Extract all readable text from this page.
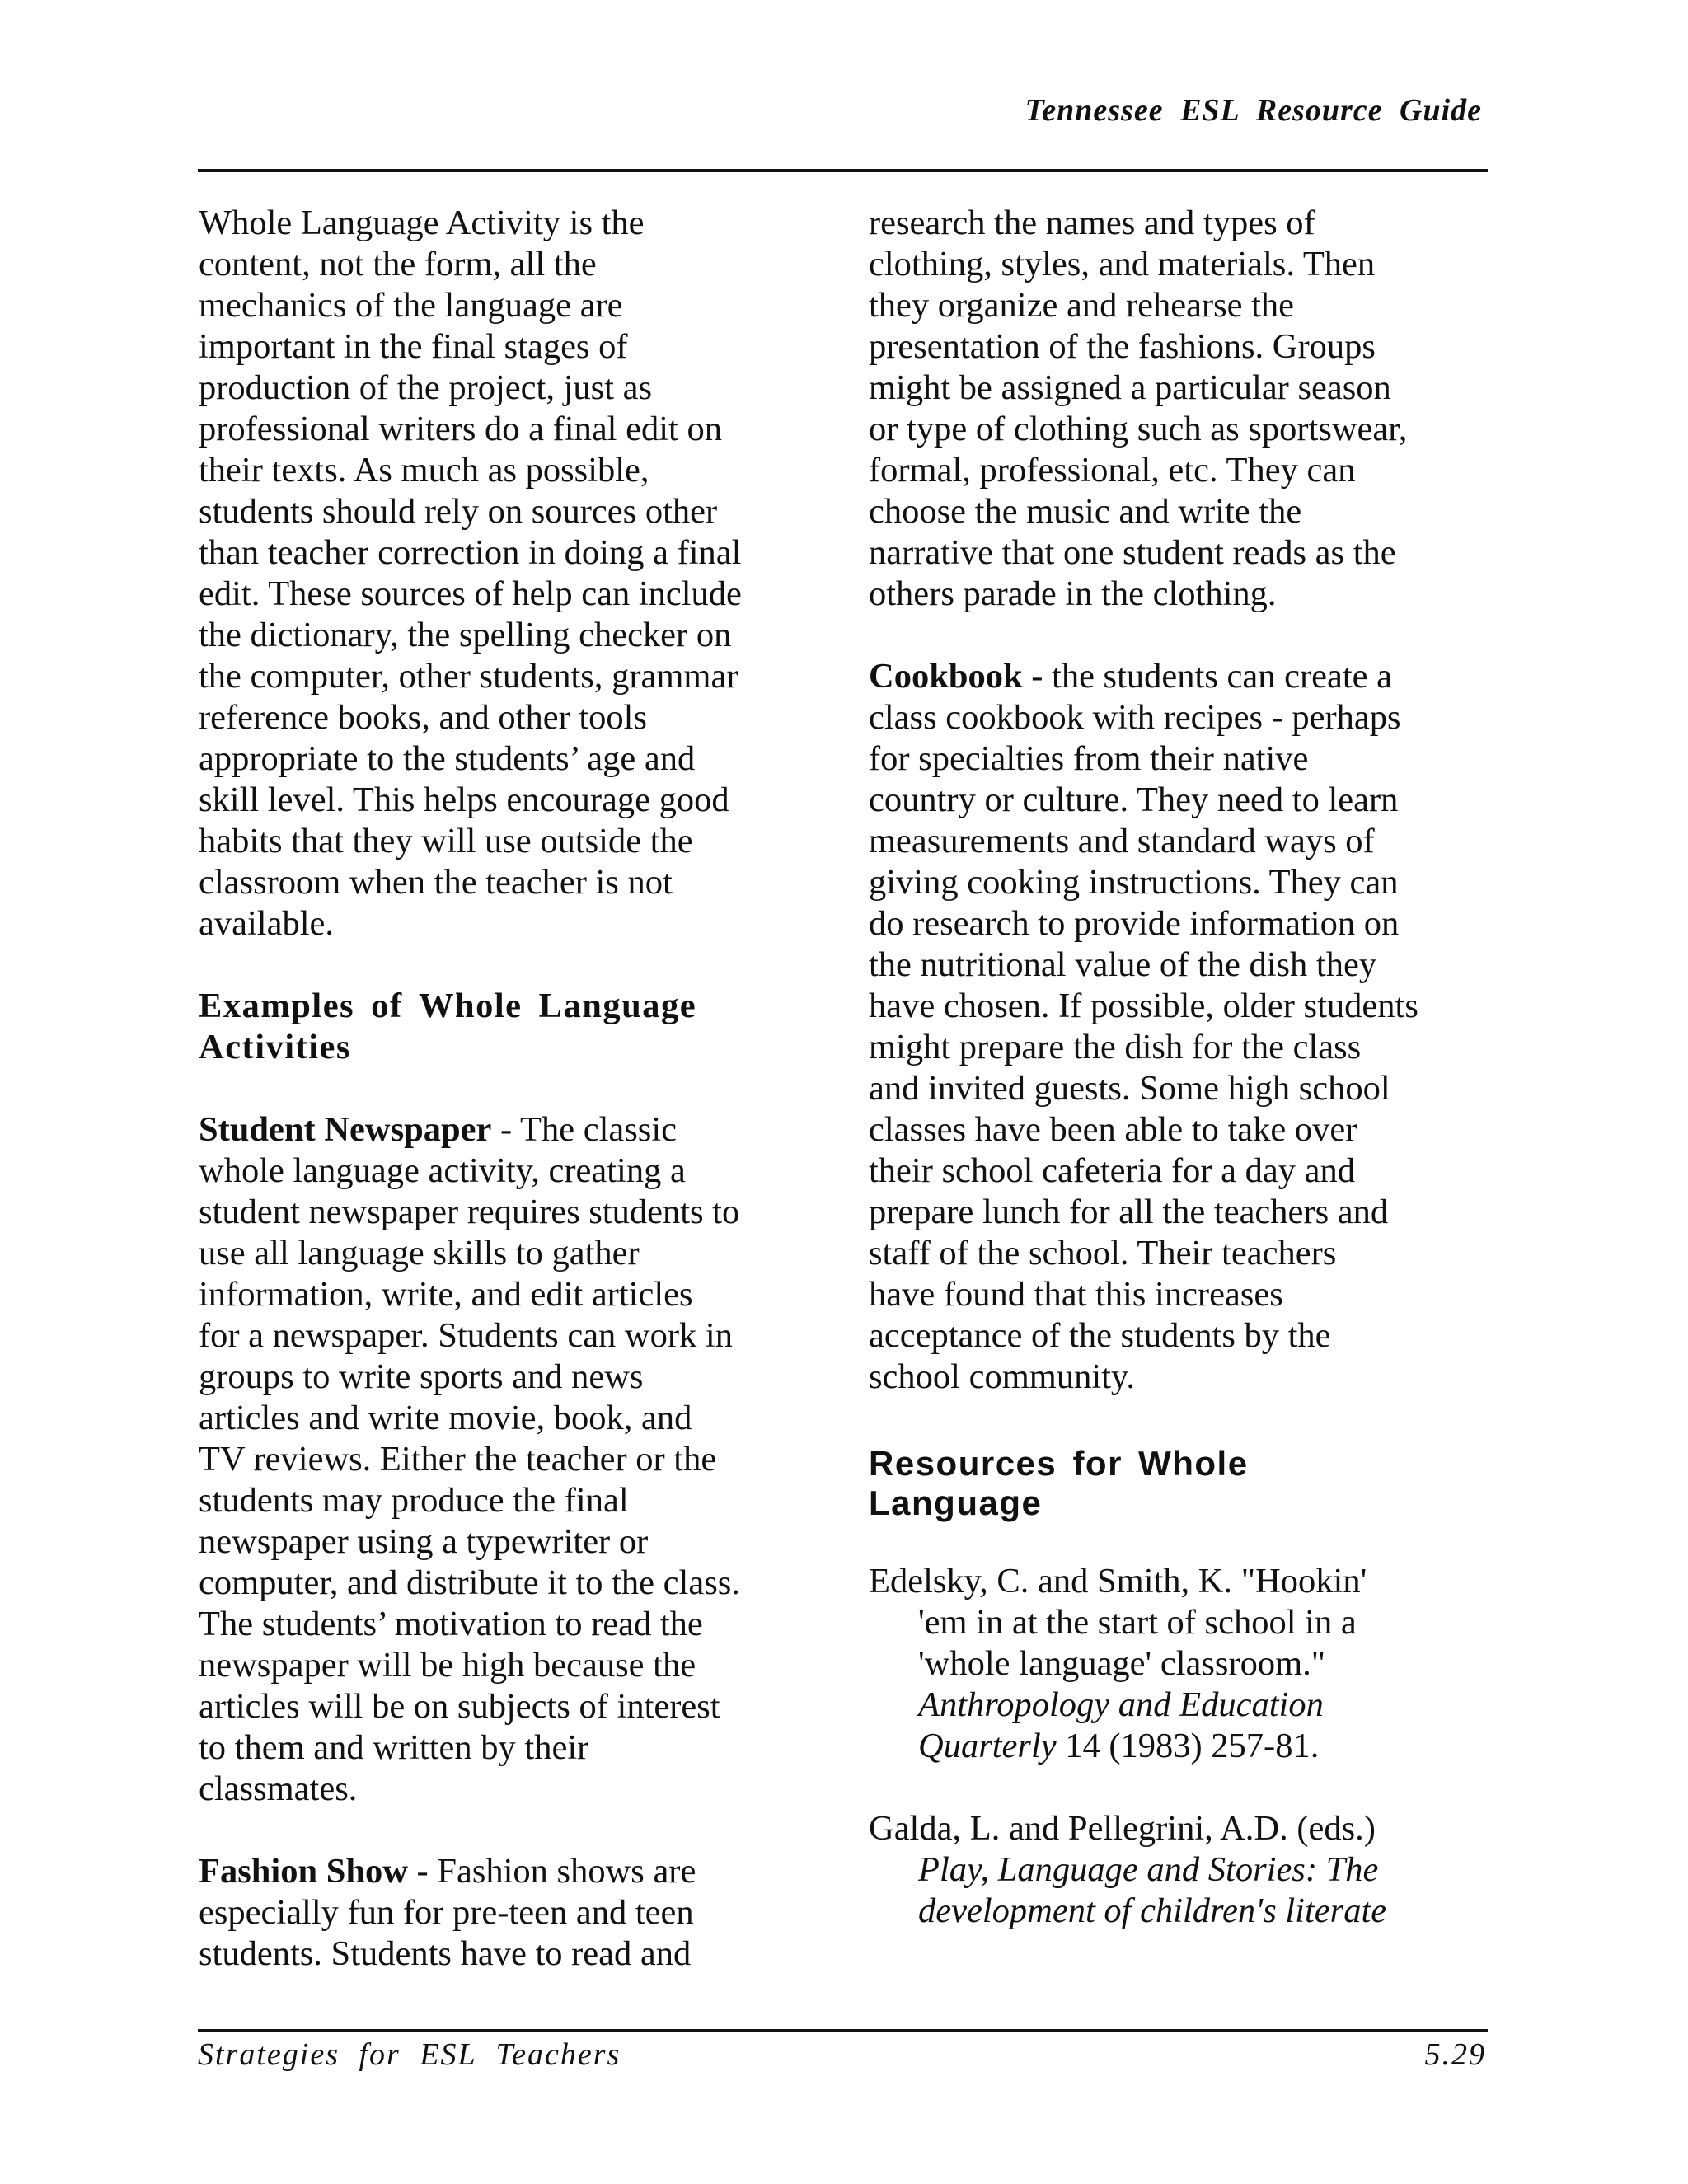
Tennessee ESL Resource Guide
Whole Language Activity is the
content, not the form, all the
mechanics of the language are
important in the final stages of
production of the project, just as
professional writers do a final edit on
their texts. As much as possible,
students should rely on sources other
than teacher correction in doing a final
edit. These sources of help can include
the dictionary, the spelling checker on
the computer, other students, grammar
reference books, and other tools
appropriate to the students’ age and
skill level. This helps encourage good
habits that they will use outside the
classroom when the teacher is not
available.
Examples of Whole Language
Activities
Student Newspaper - The classic
whole language activity, creating a
student newspaper requires students to
use all language skills to gather
information, write, and edit articles
for a newspaper. Students can work in
groups to write sports and news
articles and write movie, book, and
TV reviews. Either the teacher or the
students may produce the final
newspaper using a typewriter or
computer, and distribute it to the class.
The students’ motivation to read the
newspaper will be high because the
articles will be on subjects of interest
to them and written by their
classmates.
Fashion Show - Fashion shows are
especially fun for pre-teen and teen
students. Students have to read and
research the names and types of
clothing, styles, and materials. Then
they organize and rehearse the
presentation of the fashions. Groups
might be assigned a particular season
or type of clothing such as sportswear,
formal, professional, etc. They can
choose the music and write the
narrative that one student reads as the
others parade in the clothing.
Cookbook - the students can create a
class cookbook with recipes - perhaps
for specialties from their native
country or culture. They need to learn
measurements and standard ways of
giving cooking instructions. They can
do research to provide information on
the nutritional value of the dish they
have chosen. If possible, older students
might prepare the dish for the class
and invited guests. Some high school
classes have been able to take over
their school cafeteria for a day and
prepare lunch for all the teachers and
staff of the school. Their teachers
have found that this increases
acceptance of the students by the
school community.
Resources for Whole
Language
Edelsky, C. and Smith, K. "Hookin'
'em in at the start of school in a
'whole language' classroom."
Anthropology and Education
Quarterly 14 (1983) 257-81.
Galda, L. and Pellegrini, A.D. (eds.)
Play, Language and Stories: The
development of children's literate

Strategies for ESL Teachers	5.29
